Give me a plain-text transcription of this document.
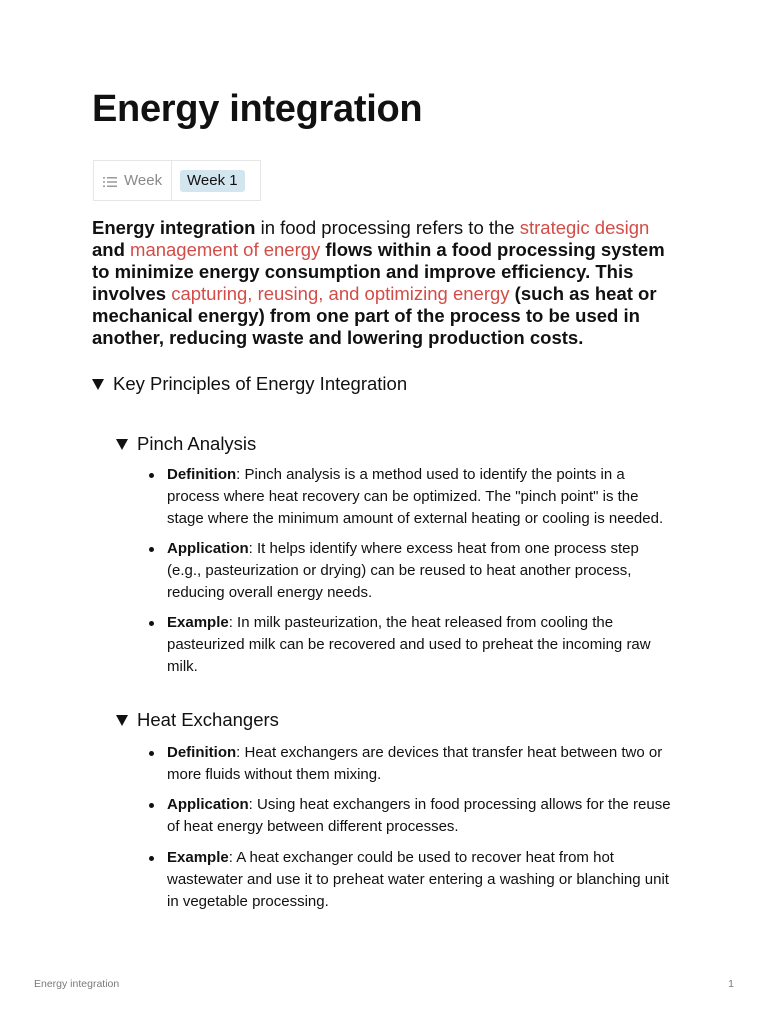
Energy integration
Week	Week 1

Energy integration in food processing refers to the strategic design and management of energy flows within a food processing system to minimize energy consumption and improve efficiency. This involves capturing, reusing, and optimizing energy (such as heat or mechanical energy) from one part of the process to be used in another, reducing waste and lowering production costs.

Key Principles of Energy Integration
Pinch Analysis
Definition: Pinch analysis is a method used to identify the points in a process where heat recovery can be optimized. The "pinch point" is the stage where the minimum amount of external heating or cooling is needed.
Application: It helps identify where excess heat from one process step (e.g., pasteurization or drying) can be reused to heat another process, reducing overall energy needs.
Example: In milk pasteurization, the heat released from cooling the pasteurized milk can be recovered and used to preheat the incoming raw milk.
Heat Exchangers
Definition: Heat exchangers are devices that transfer heat between two or more fluids without them mixing.
Application: Using heat exchangers in food processing allows for the reuse of heat energy between different processes.
Example: A heat exchanger could be used to recover heat from hot wastewater and use it to preheat water entering a washing or blanching unit in vegetable processing.
Energy integration	1
